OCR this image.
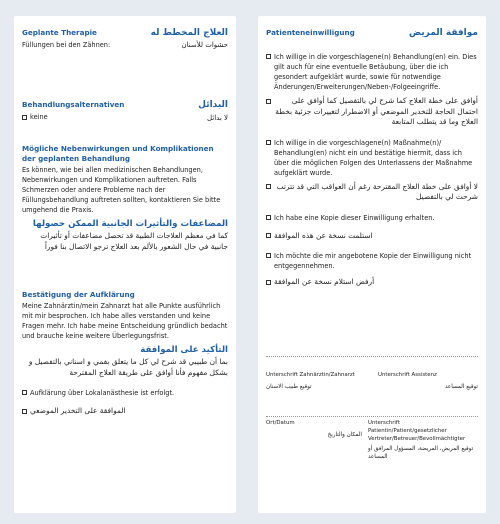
Geplante Therapie	العلاج المخطط له
Füllungen bei den Zähnen:	حشوات للأسنان
Behandlungsalternativen	البدائل
keine	لا بدائل
Mögliche Nebenwirkungen und Komplikationen der geplanten Behandlung
Es können, wie bei allen medizinischen Behandlungen, Nebenwirkungen und Komplikationen auftreten. Falls Schmerzen oder andere Probleme nach der Füllungsbehandlung auftreten sollten, kontaktieren Sie bitte umgehend die Praxis.
المضاعفات والتأثيرات الجانبية الممكن حصولها
كما في معظم العلاجات الطبية قد تحصل مضاعفات أو تأثيرات جانبية في حال الشعور بالألم بعد العلاج نرجو الاتصال بنا فوراً
Bestätigung der Aufklärung
Meine Zahnärztin/mein Zahnarzt hat alle Punkte ausführlich mit mir besprochen. Ich habe alles verstanden und keine Fragen mehr. Ich habe meine Entscheidung gründlich bedacht und brauche keine weitere Überlegungsfrist.
التأكيد على الموافقة
بما أن طبيبي قد شرح لي كل ما يتعلق بفمي و اسناني بالتفصيل و بشكل مفهوم فأنا أوافق على طريقة العلاج المقترحة
Aufklärung über Lokalanästhesie ist erfolgt.
الموافقة على التخدير الموضعي
Patienteneinwilligung	موافقة المريض
Ich willige in die vorgeschlagene(n) Behandlung(en) ein. Dies gilt auch für eine eventuelle Betäubung, über die ich gesondert aufgeklärt wurde, sowie für notwendige Änderungen/Erweiterungen/Neben-/Folgeeingriffe.
أوافق على خطة العلاج كما شرح لي بالتفصيل كما أوافق على احتمال الحاجة للتخدير الموضعي أو الاضطرار لتغييرات جزئية بخطة العلاج وما قد يتطلب المتابعة
Ich willige in die vorgeschlagene(n) Maßnahme(n)/ Behandlung(en) nicht ein und bestätige hiermit, dass ich über die möglichen Folgen des Unterlassens der Maßnahme aufgeklärt wurde.
لا أوافق على خطة العلاج المقترحة رغم أن العواقب التي قد تترتب شرحت لي بالتفصيل
Ich habe eine Kopie dieser Einwilligung erhalten.
استلمت نسخة عن هذه الموافقة
Ich möchte die mir angebotene Kopie der Einwilligung nicht entgegennehmen.
أرفض استلام نسخة عن الموافقة
Unterschrift Zahnärztin/Zahnarzt
توقيع طبيب الاسنان
Unterschrift Assistenz
توقيع المساعد
Ort/Datum
المكان والتاريخ
Unterschrift Patientin/Patient/gesetzlicher Vertreter/Betreuer/Bevollmächtigter
توقيع المريض، المريضة، المسؤول المرافق أو المساعد
